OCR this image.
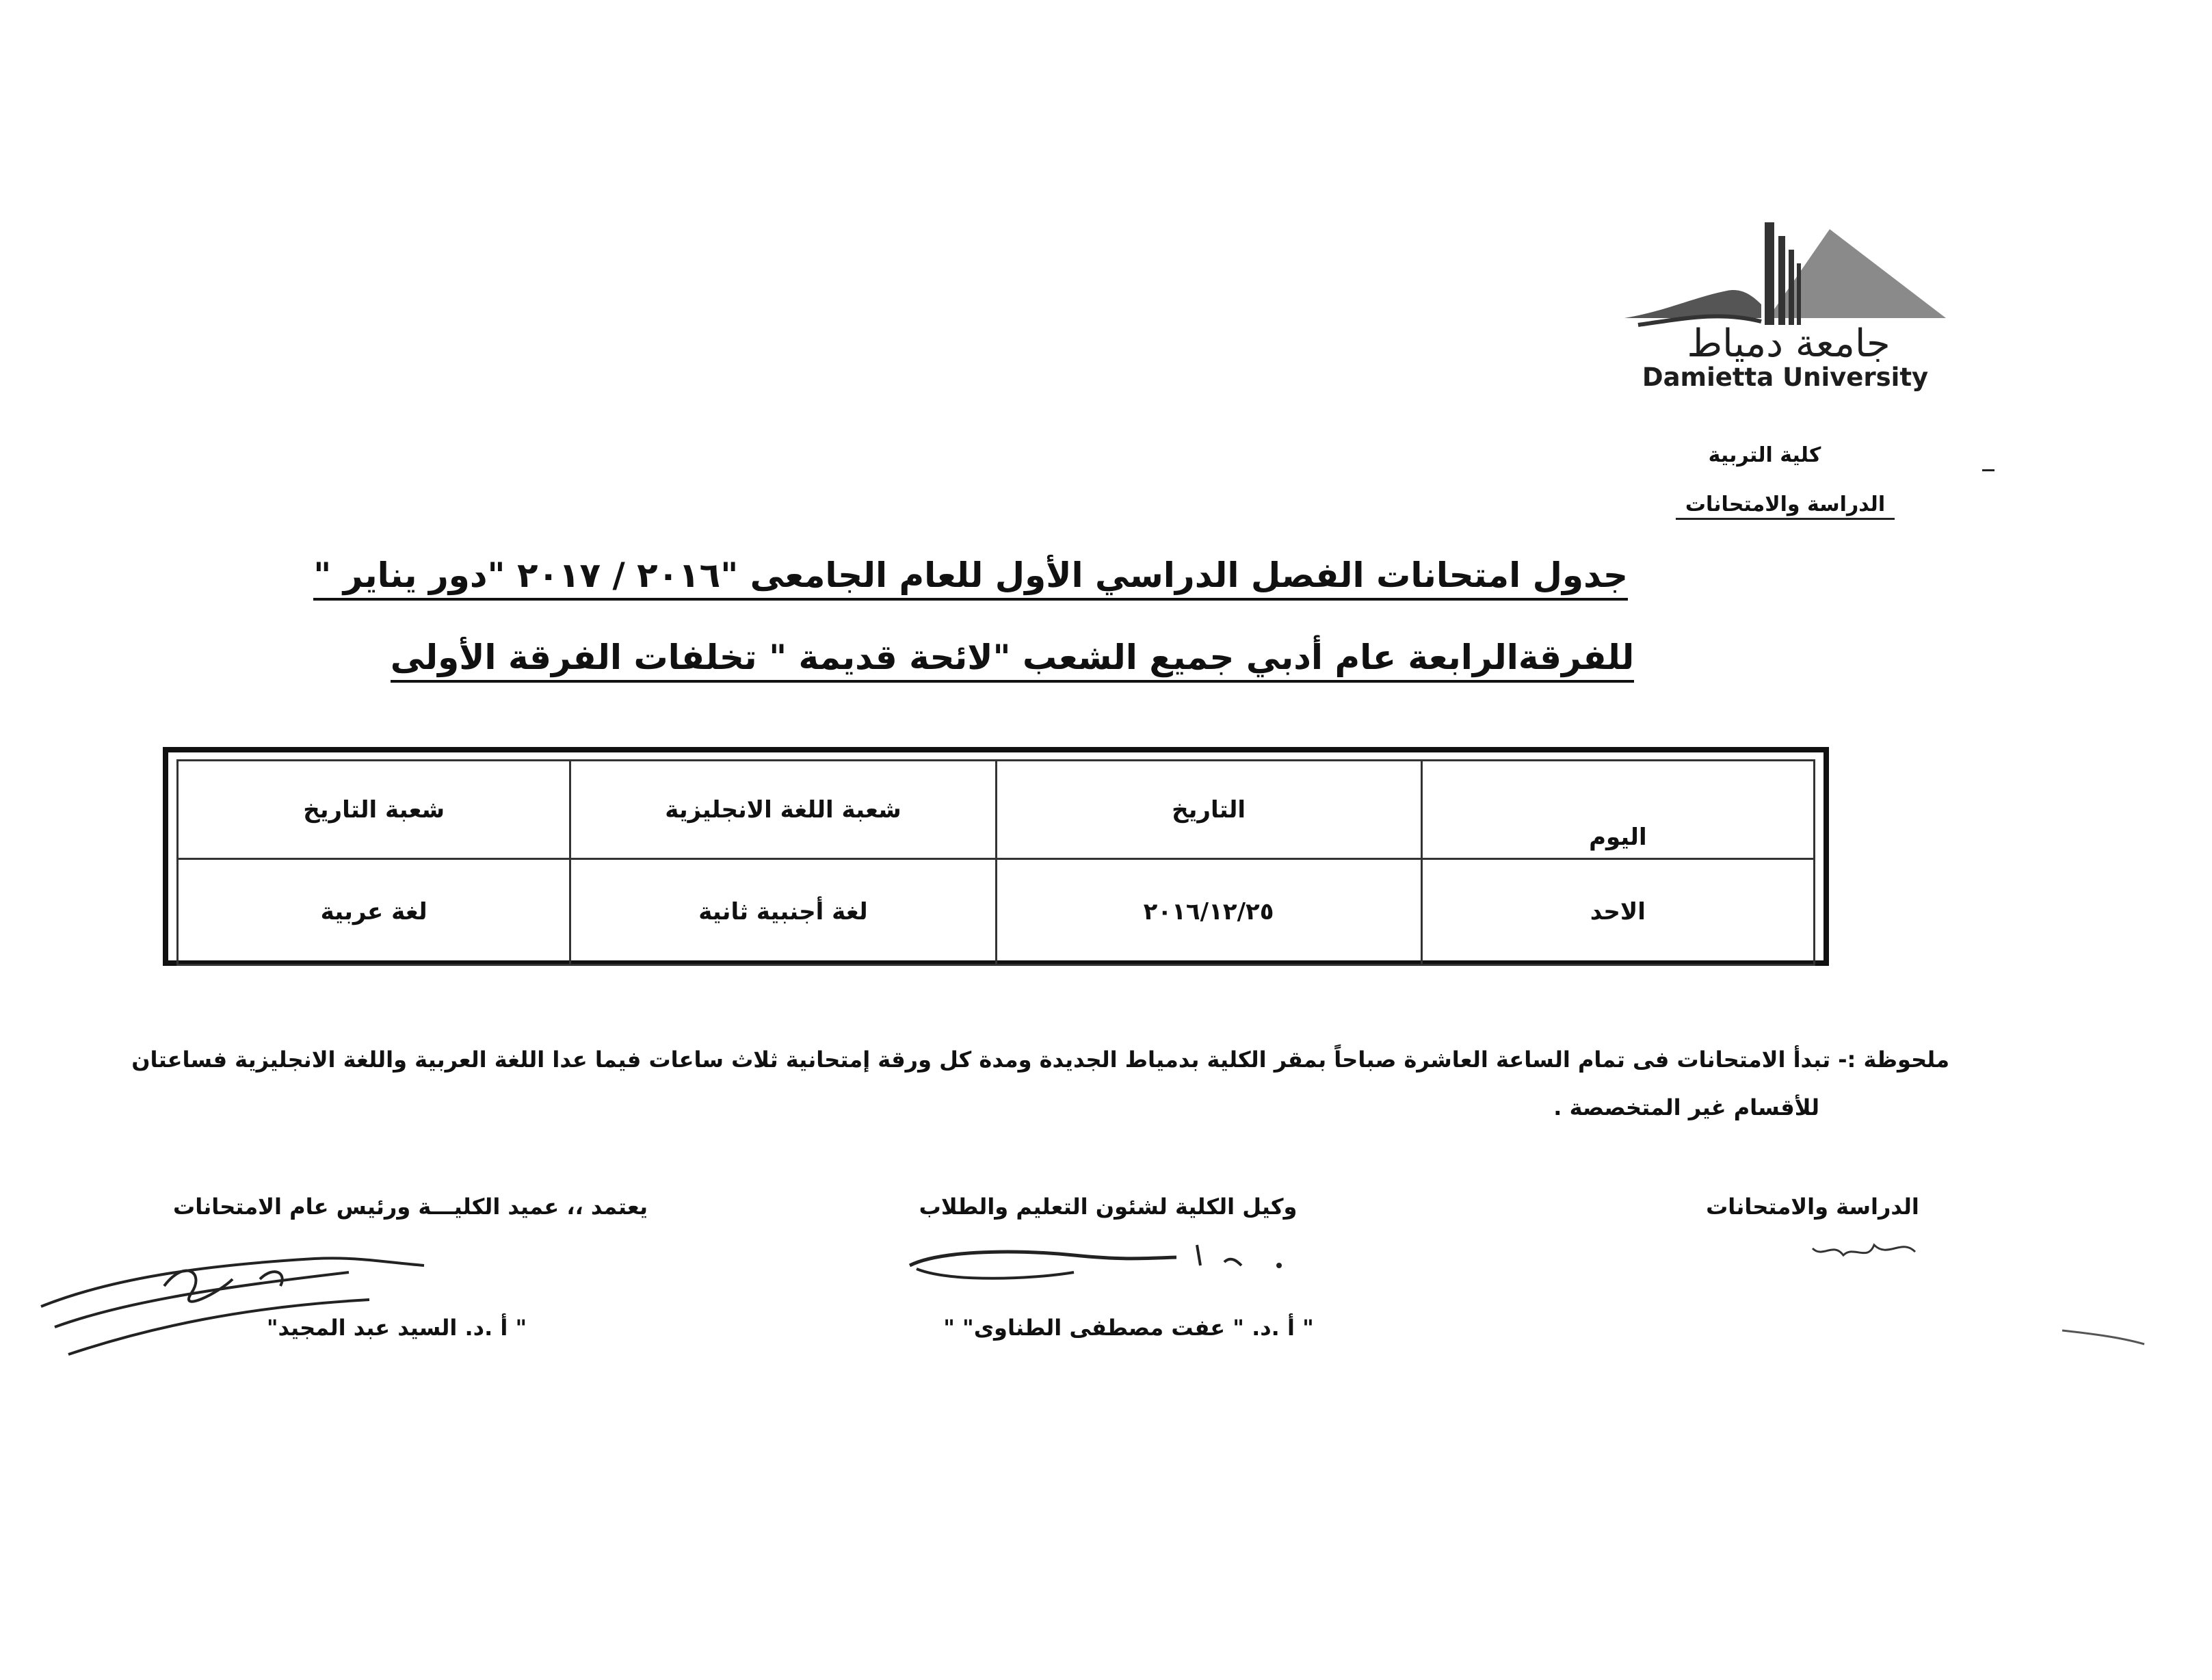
جامعة دمياط
Damietta University
كلية التربية
الدراسة والامتحانات
جدول امتحانات الفصل الدراسي الأول للعام الجامعى "٢٠١٦ / ٢٠١٧ "دور يناير "
للفرقةالرابعة عام أدبي جميع الشعب "لائحة قديمة " تخلفات الفرقة الأولى
اليوم	التاريخ	شعبة اللغة الانجليزية	شعبة التاريخ
الاحد	٢٠١٦/١٢/٢٥	لغة أجنبية ثانية	لغة عربية
ملحوظة :- تبدأ الامتحانات فى تمام الساعة العاشرة صباحاً بمقر الكلية بدمياط الجديدة ومدة كل ورقة إمتحانية ثلاث ساعات فيما عدا اللغة العربية واللغة الانجليزية فساعتان
للأقسام غير المتخصصة .
الدراسة والامتحانات
وكيل الكلية لشئون التعليم والطلاب
" أ .د. " عفت مصطفى الطناوى" "
يعتمد ،، عميد الكليـــة ورئيس عام الامتحانات
" أ .د. السيد عبد المجيد"
